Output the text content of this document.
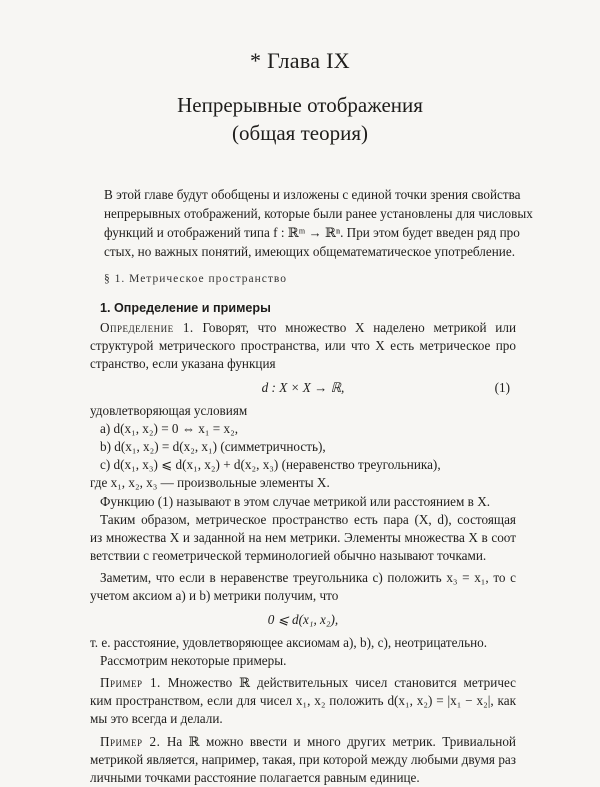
* Глава IX
Непрерывные отображения
(общая теория)
В этой главе будут обобщены и изложены с единой точки зрения свойства
непрерывных отображений, которые были ранее установлены для числовых
функций и отображений типа f : ℝᵐ → ℝⁿ. При этом будет введен ряд про
стых, но важных понятий, имеющих общематематическое употребление.
§ 1. Метрическое пространство
1. Определение и примеры
Определение 1. Говорят, что множество X наделено метрикой или
структурой метрического пространства, или что X есть метрическое про
странство, если указана функция
d : X × X → ℝ,	(1)
удовлетворяющая условиям
a) d(x₁, x₂) = 0 ⇔ x₁ = x₂,
b) d(x₁, x₂) = d(x₂, x₁) (симметричность),
c) d(x₁, x₃) ⩽ d(x₁, x₂) + d(x₂, x₃) (неравенство треугольника),
где x₁, x₂, x₃ — произвольные элементы X.
Функцию (1) называют в этом случае метрикой или расстоянием в X.
Таким образом, метрическое пространство есть пара (X, d), состоящая
из множества X и заданной на нем метрики. Элементы множества X в соот
ветствии с геометрической терминологией обычно называют точками.
Заметим, что если в неравенстве треугольника c) положить x₃ = x₁, то с
учетом аксиом a) и b) метрики получим, что
0 ⩽ d(x₁, x₂),
т. е. расстояние, удовлетворяющее аксиомам a), b), c), неотрицательно.
Рассмотрим некоторые примеры.
Пример 1. Множество ℝ действительных чисел становится метричес
ким пространством, если для чисел x₁, x₂ положить d(x₁, x₂) = |x₁ − x₂|, как
мы это всегда и делали.
Пример 2. На ℝ можно ввести и много других метрик. Тривиальной
метрикой является, например, такая, при которой между любыми двумя раз
личными точками расстояние полагается равным единице.
